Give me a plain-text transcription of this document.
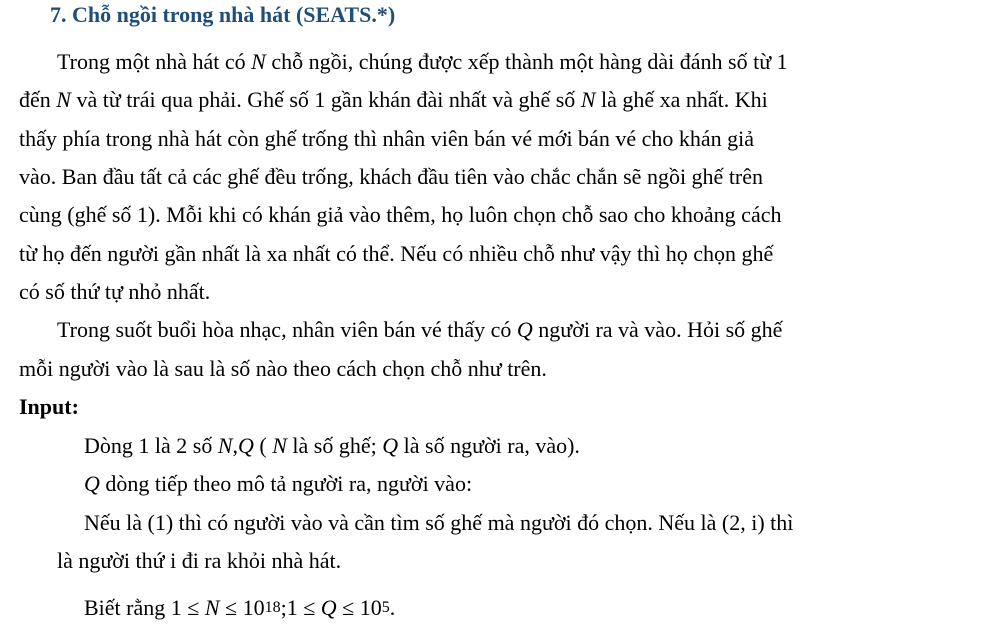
7. Chỗ ngồi trong nhà hát (SEATS.*)
Trong một nhà hát có N chỗ ngồi, chúng được xếp thành một hàng dài đánh số từ 1
đến N và từ trái qua phải. Ghế số 1 gần khán đài nhất và ghế số N là ghế xa nhất. Khi
thấy phía trong nhà hát còn ghế trống thì nhân viên bán vé mới bán vé cho khán giả
vào. Ban đầu tất cả các ghế đều trống, khách đầu tiên vào chắc chắn sẽ ngồi ghế trên
cùng (ghế số 1). Mỗi khi có khán giả vào thêm, họ luôn chọn chỗ sao cho khoảng cách
từ họ đến người gần nhất là xa nhất có thể. Nếu có nhiều chỗ như vậy thì họ chọn ghế
có số thứ tự nhỏ nhất.
Trong suốt buổi hòa nhạc, nhân viên bán vé thấy có Q người ra và vào. Hỏi số ghế
mỗi người vào là sau là số nào theo cách chọn chỗ như trên.
Input:
Dòng 1 là 2 số N,Q ( N là số ghế; Q là số người ra, vào).
Q dòng tiếp theo mô tả người ra, người vào:
Nếu là (1) thì có người vào và cần tìm số ghế mà người đó chọn. Nếu là (2, i) thì
là người thứ i đi ra khỏi nhà hát.
Biết rằng $1 \le N \le 10^{18};1 \le Q \le 10^5$.
